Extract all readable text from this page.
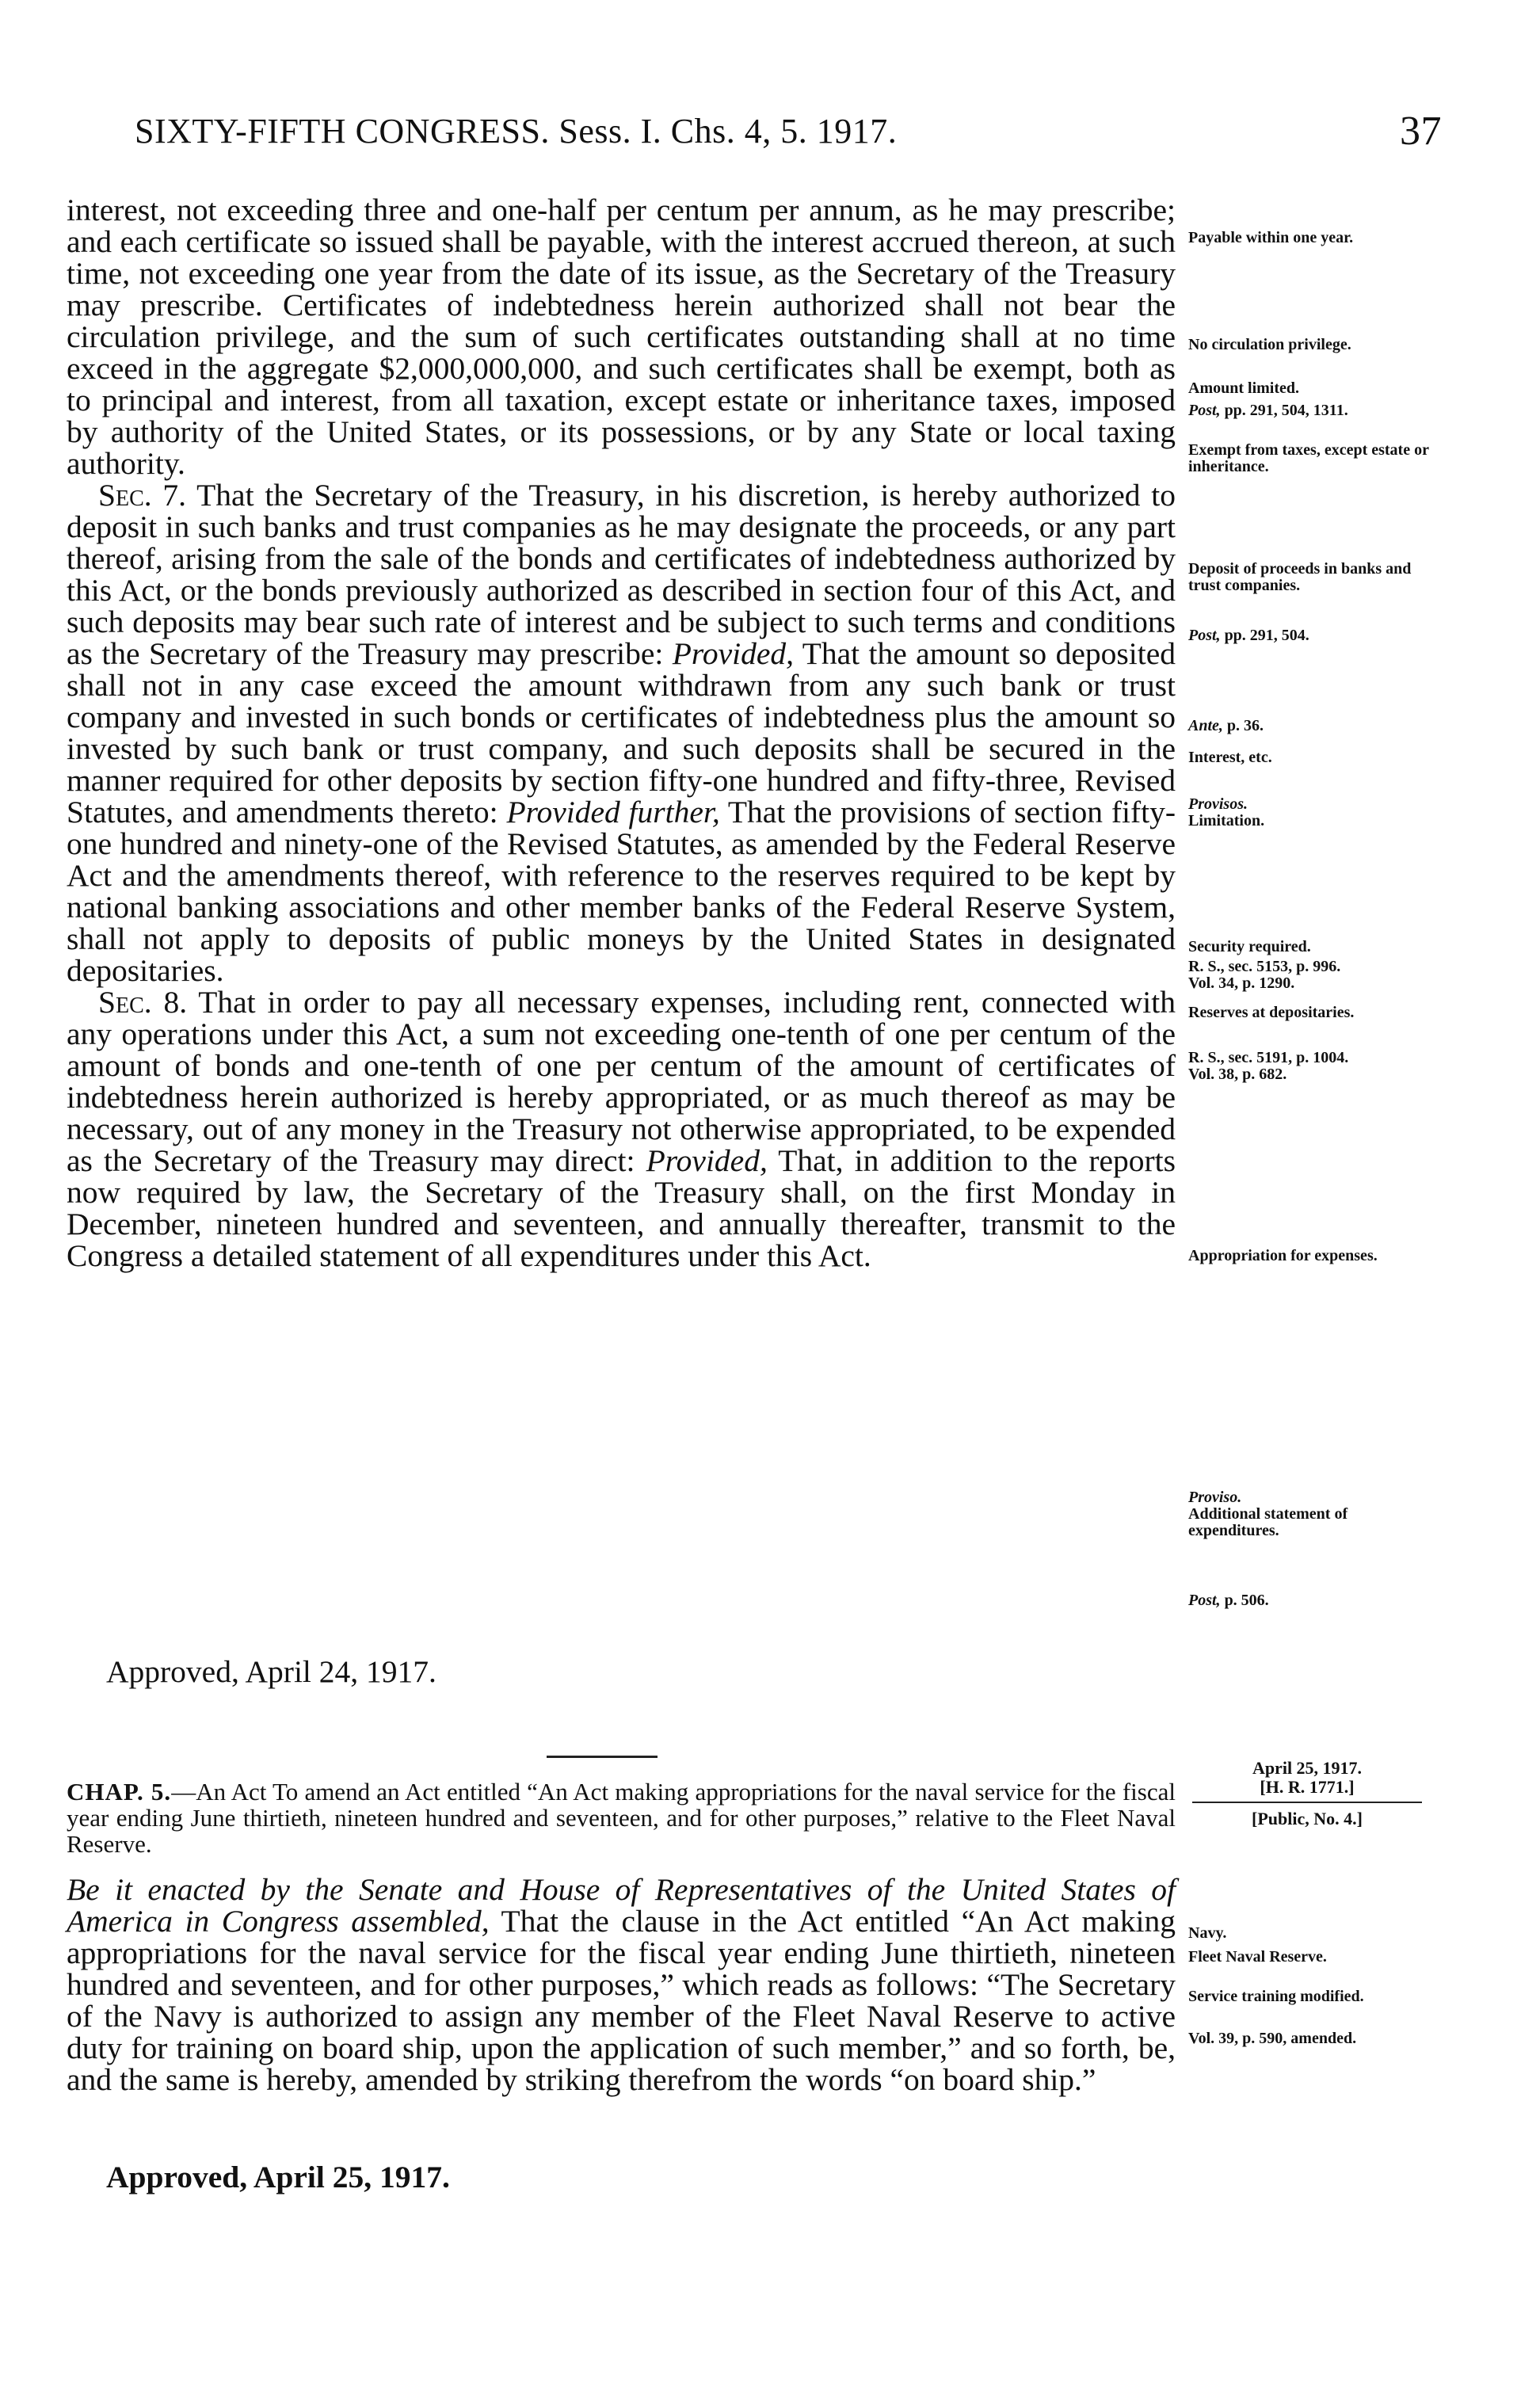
SIXTY-FIFTH CONGRESS. Sess. I. Chs. 4, 5. 1917.	37

interest, not exceeding three and one-half per centum per annum, as he may prescribe; and each certificate so issued shall be payable, with the interest accrued thereon, at such time, not exceeding one year from the date of its issue, as the Secretary of the Treasury may prescribe. Certificates of indebtedness herein authorized shall not bear the circulation privilege, and the sum of such certificates outstanding shall at no time exceed in the aggregate $2,000,000,000, and such certificates shall be exempt, both as to principal and interest, from all taxation, except estate or inheritance taxes, imposed by authority of the United States, or its possessions, or by any State or local taxing authority.

Sec. 7. That the Secretary of the Treasury, in his discretion, is hereby authorized to deposit in such banks and trust companies as he may designate the proceeds, or any part thereof, arising from the sale of the bonds and certificates of indebtedness authorized by this Act, or the bonds previously authorized as described in section four of this Act, and such deposits may bear such rate of interest and be subject to such terms and conditions as the Secretary of the Treasury may prescribe: Provided, That the amount so deposited shall not in any case exceed the amount withdrawn from any such bank or trust company and invested in such bonds or certificates of indebtedness plus the amount so invested by such bank or trust company, and such deposits shall be secured in the manner required for other deposits by section fifty-one hundred and fifty-three, Revised Statutes, and amendments thereto: Provided further, That the provisions of section fifty-one hundred and ninety-one of the Revised Statutes, as amended by the Federal Reserve Act and the amendments thereof, with reference to the reserves required to be kept by national banking associations and other member banks of the Federal Reserve System, shall not apply to deposits of public moneys by the United States in designated depositaries.

Sec. 8. That in order to pay all necessary expenses, including rent, connected with any operations under this Act, a sum not exceeding one-tenth of one per centum of the amount of bonds and one-tenth of one per centum of the amount of certificates of indebtedness herein authorized is hereby appropriated, or as much thereof as may be necessary, out of any money in the Treasury not otherwise appropriated, to be expended as the Secretary of the Treasury may direct: Provided, That, in addition to the reports now required by law, the Secretary of the Treasury shall, on the first Monday in December, nineteen hundred and seventeen, and annually thereafter, transmit to the Congress a detailed statement of all expenditures under this Act.

Approved, April 24, 1917.
Payable within one year.
No circulation privilege.
Amount limited.
Post, pp. 291, 504, 1311.
Exempt from taxes, except estate or inheritance.
Deposit of proceeds in banks and trust companies.
Post, pp. 291, 504.
Ante, p. 36.
Interest, etc.
Provisos.
Limitation.
Security required.
R. S., sec. 5153, p. 996.
Vol. 34, p. 1290.
Reserves at depositaries.
R. S., sec. 5191, p. 1004.
Vol. 38, p. 682.
Appropriation for expenses.
Proviso.
Additional statement of expenditures.
Post, p. 506.
Navy.
Fleet Naval Reserve.
Service training modified.
Vol. 39, p. 590, amended.
CHAP. 5.—An Act To amend an Act entitled “An Act making appropriations for the naval service for the fiscal year ending June thirtieth, nineteen hundred and seventeen, and for other purposes,” relative to the Fleet Naval Reserve.
April 25, 1917.
[H. R. 1771.]
[Public, No. 4.]
Be it enacted by the Senate and House of Representatives of the United States of America in Congress assembled, That the clause in the Act entitled “An Act making appropriations for the naval service for the fiscal year ending June thirtieth, nineteen hundred and seventeen, and for other purposes,” which reads as follows: “The Secretary of the Navy is authorized to assign any member of the Fleet Naval Reserve to active duty for training on board ship, upon the application of such member,” and so forth, be, and the same is hereby, amended by striking therefrom the words “on board ship.”
Approved, April 25, 1917.
